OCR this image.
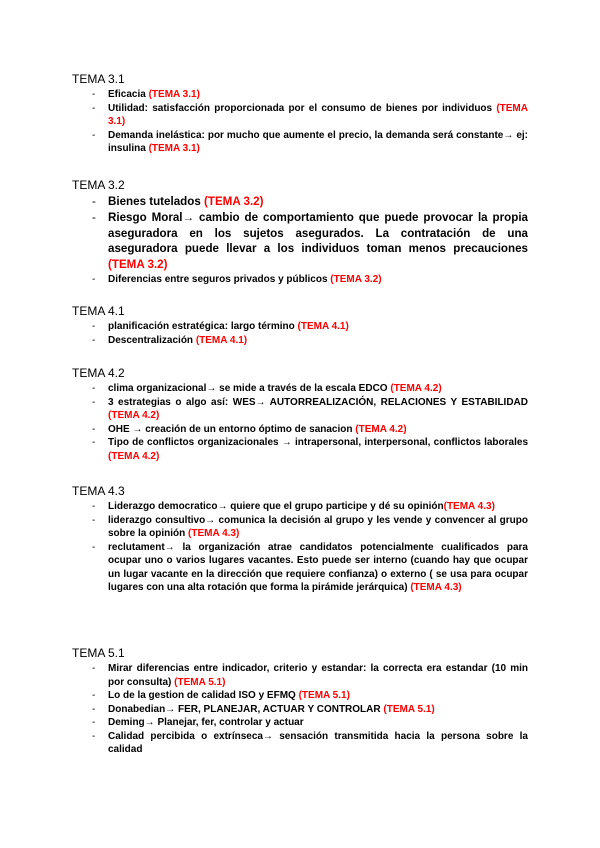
TEMA 3.1
- Eficacia (TEMA 3.1)
- Utilidad: satisfacción proporcionada por el consumo de bienes por individuos (TEMA 3.1)
- Demanda inelástica: por mucho que aumente el precio, la demanda será constante→ ej: insulina (TEMA 3.1)
TEMA 3.2
- Bienes tutelados (TEMA 3.2)
- Riesgo Moral→ cambio de comportamiento que puede provocar la propia aseguradora en los sujetos asegurados. La contratación de una aseguradora puede llevar a los individuos toman menos precauciones (TEMA 3.2)
- Diferencias entre seguros privados y públicos (TEMA 3.2)
TEMA 4.1
- planificación estratégica: largo término (TEMA 4.1)
- Descentralización (TEMA 4.1)
TEMA 4.2
- clima organizacional→ se mide a través de la escala EDCO (TEMA 4.2)
- 3 estrategias o algo así: WES→ AUTORREALIZACIÓN, RELACIONES Y ESTABILIDAD (TEMA 4.2)
- OHE → creación de un entorno óptimo de sanacion (TEMA 4.2)
- Tipo de conflictos organizacionales → intrapersonal, interpersonal, conflictos laborales (TEMA 4.2)
TEMA 4.3
- Liderazgo democratico→ quiere que el grupo participe y dé su opinión(TEMA 4.3)
- liderazgo consultivo→ comunica la decisión al grupo y les vende y convencer al grupo sobre la opinión (TEMA 4.3)
- reclutament→ la organización atrae candidatos potencialmente cualificados para ocupar uno o varios lugares vacantes. Esto puede ser interno (cuando hay que ocupar un lugar vacante en la dirección que requiere confianza) o externo ( se usa para ocupar lugares con una alta rotación que forma la pirámide jerárquica) (TEMA 4.3)
TEMA 5.1
- Mirar diferencias entre indicador, criterio y estandar: la correcta era estandar (10 min por consulta) (TEMA 5.1)
- Lo de la gestion de calidad ISO y EFMQ (TEMA 5.1)
- Donabedian→ FER, PLANEJAR, ACTUAR Y CONTROLAR (TEMA 5.1)
- Deming→ Planejar, fer, controlar y actuar
- Calidad percibida o extrínseca→ sensación transmitida hacia la persona sobre la calidad
